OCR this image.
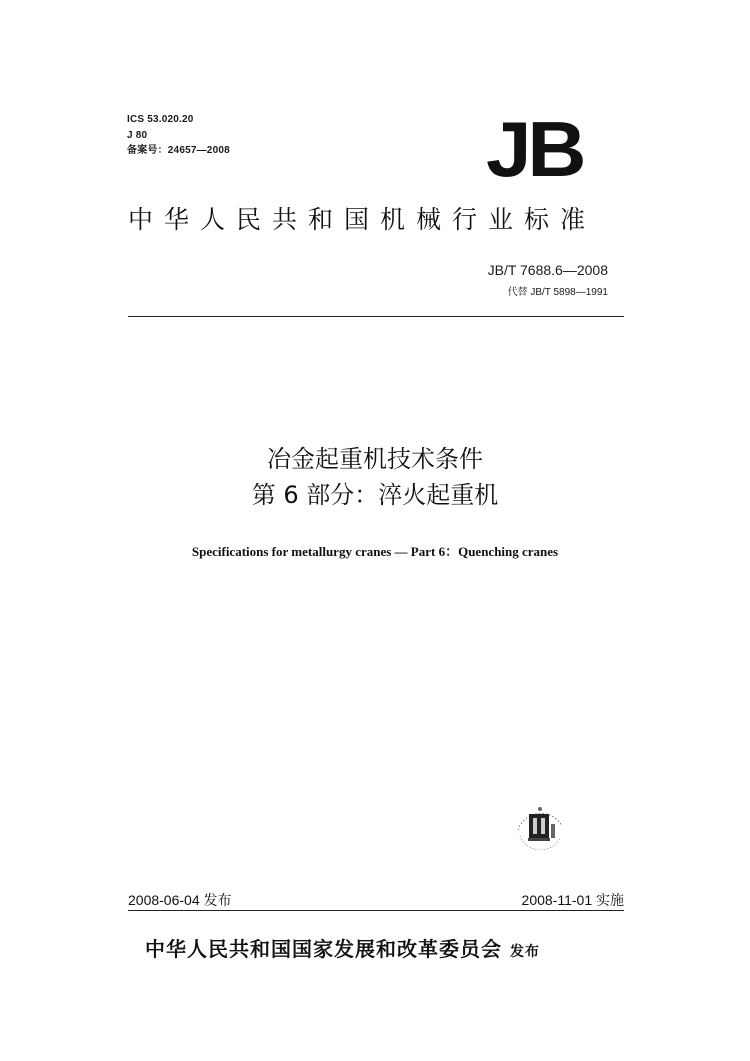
ICS 53.020.20
J 80
备案号：24657—2008	JB
中华人民共和国机械行业标准
JB/T 7688.6—2008
代替 JB/T 5898—1991
冶金起重机技术条件
第 6 部分：淬火起重机
Specifications for metallurgy cranes — Part 6：Quenching cranes
2008-06-04 发布	2008-11-01 实施
中华人民共和国国家发展和改革委员会 发布
